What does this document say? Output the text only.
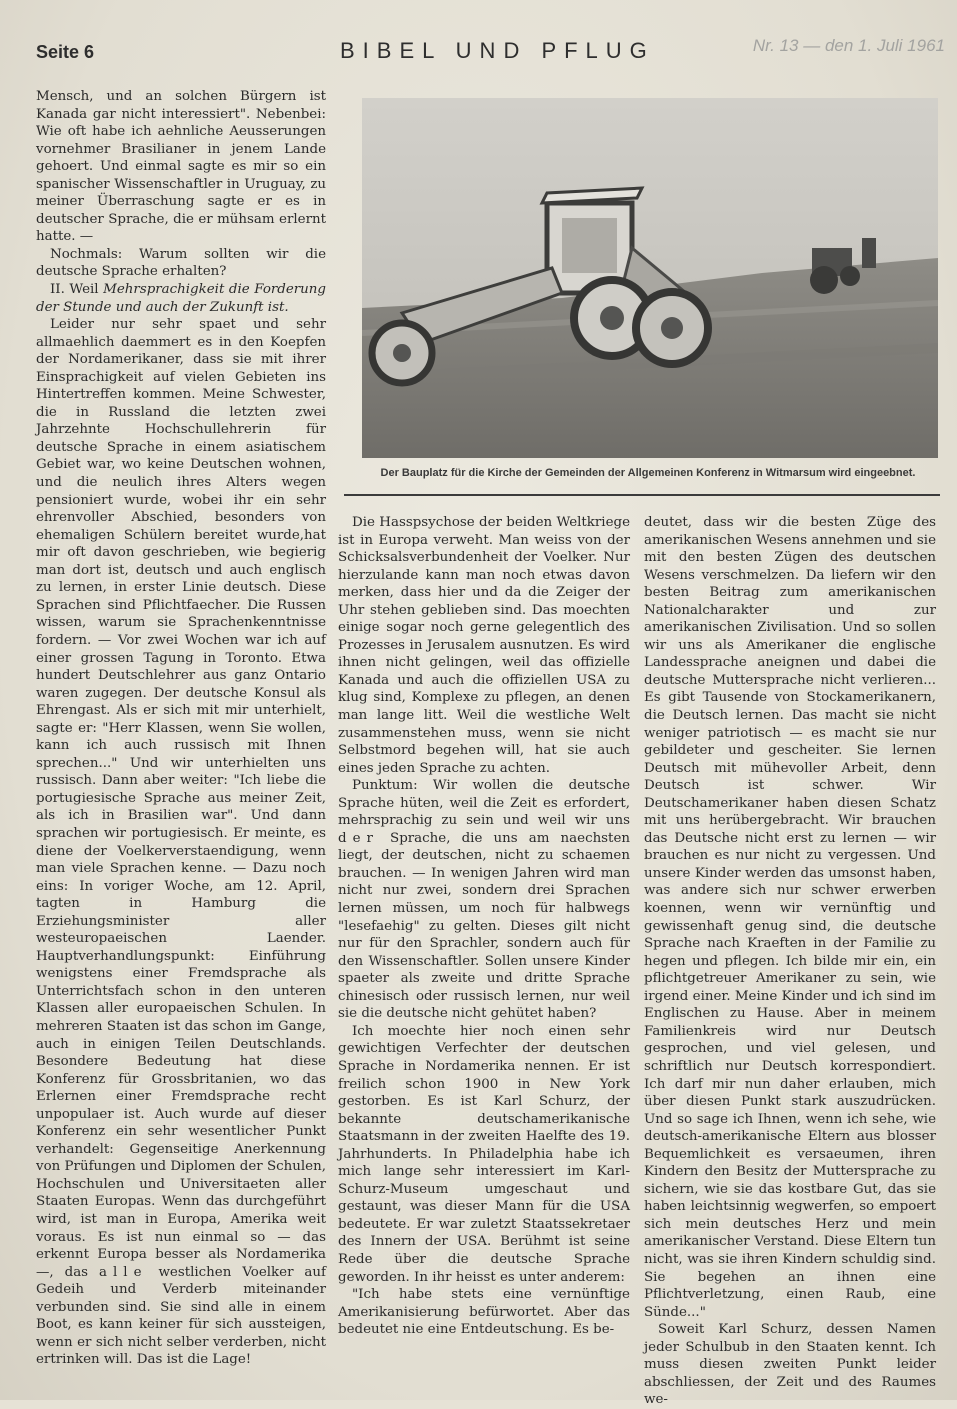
Seite 6	BIBEL UND PFLUG	Nr. 13 — den 1. Juli 1961

Mensch, und an solchen Bürgern ist Kanada gar nicht interessiert". Nebenbei: Wie oft habe ich aehnliche Aeusserungen vornehmer Brasilianer in jenem Lande gehoert. Und einmal sagte es mir so ein spanischer Wissenschaftler in Uruguay, zu meiner Überraschung sagte er es in deutscher Sprache, die er mühsam erlernt hatte. —

Nochmals: Warum sollten wir die deutsche Sprache erhalten?

II. Weil Mehrsprachigkeit die Forderung der Stunde und auch der Zukunft ist.

Leider nur sehr spaet und sehr allmaehlich daemmert es in den Koepfen der Nordamerikaner, dass sie mit ihrer Einsprachigkeit auf vielen Gebieten ins Hintertreffen kommen. Meine Schwester, die in Russland die letzten zwei Jahrzehnte Hochschullehrerin für deutsche Sprache in einem asiatischem Gebiet war, wo keine Deutschen wohnen, und die neulich ihres Alters wegen pensioniert wurde, wobei ihr ein sehr ehrenvoller Abschied, besonders von ehemaligen Schülern bereitet wurde,hat mir oft davon geschrieben, wie begierig man dort ist, deutsch und auch englisch zu lernen, in erster Linie deutsch. Diese Sprachen sind Pflichtfaecher. Die Russen wissen, warum sie Sprachenkenntnisse fordern. — Vor zwei Wochen war ich auf einer grossen Tagung in Toronto. Etwa hundert Deutschlehrer aus ganz Ontario waren zugegen. Der deutsche Konsul als Ehrengast. Als er sich mit mir unterhielt, sagte er: "Herr Klassen, wenn Sie wollen, kann ich auch russisch mit Ihnen sprechen..." Und wir unterhielten uns russisch. Dann aber weiter: "Ich liebe die portugiesische Sprache aus meiner Zeit, als ich in Brasilien war". Und dann sprachen wir portugiesisch. Er meinte, es diene der Voelkerverstaendigung, wenn man viele Sprachen kenne. — Dazu noch eins: In voriger Woche, am 12. April, tagten in Hamburg die Erziehungsminister aller westeuropaeischen Laender. Hauptverhandlungspunkt: Einführung wenigstens einer Fremdsprache als Unterrichtsfach schon in den unteren Klassen aller europaeischen Schulen. In mehreren Staaten ist das schon im Gange, auch in einigen Teilen Deutschlands. Besondere Bedeutung hat diese Konferenz für Grossbritanien, wo das Erlernen einer Fremdsprache recht unpopulaer ist. Auch wurde auf dieser Konferenz ein sehr wesentlicher Punkt verhandelt: Gegenseitige Anerkennung von Prüfungen und Diplomen der Schulen, Hochschulen und Universitaeten aller Staaten Europas. Wenn das durchgeführt wird, ist man in Europa, Amerika weit voraus. Es ist nun einmal so — das erkennt Europa besser als Nordamerika —, das alle westlichen Voelker auf Gedeih und Verderb miteinander verbunden sind. Sie sind alle in einem Boot, es kann keiner für sich aussteigen, wenn er sich nicht selber verderben, nicht ertrinken will. Das ist die Lage!

Der Bauplatz für die Kirche der Gemeinden der Allgemeinen Konferenz in Witmarsum wird eingeebnet.

Die Hasspsychose der beiden Weltkriege ist in Europa verweht. Man weiss von der Schicksalsverbundenheit der Voelker. Nur hierzulande kann man noch etwas davon merken, dass hier und da die Zeiger der Uhr stehen geblieben sind. Das moechten einige sogar noch gerne gelegentlich des Prozesses in Jerusalem ausnutzen. Es wird ihnen nicht gelingen, weil das offizielle Kanada und auch die offiziellen USA zu klug sind, Komplexe zu pflegen, an denen man lange litt. Weil die westliche Welt zusammenstehen muss, wenn sie nicht Selbstmord begehen will, hat sie auch eines jeden Sprache zu achten.

Punktum: Wir wollen die deutsche Sprache hüten, weil die Zeit es erfordert, mehrsprachig zu sein und weil wir uns der Sprache, die uns am naechsten liegt, der deutschen, nicht zu schaemen brauchen. — In wenigen Jahren wird man nicht nur zwei, sondern drei Sprachen lernen müssen, um noch für halbwegs "lesefaehig" zu gelten. Dieses gilt nicht nur für den Sprachler, sondern auch für den Wissenschaftler. Sollen unsere Kinder spaeter als zweite und dritte Sprache chinesisch oder russisch lernen, nur weil sie die deutsche nicht gehütet haben?

Ich moechte hier noch einen sehr gewichtigen Verfechter der deutschen Sprache in Nordamerika nennen. Er ist freilich schon 1900 in New York gestorben. Es ist Karl Schurz, der bekannte deutschamerikanische Staatsmann in der zweiten Haelfte des 19. Jahrhunderts. In Philadelphia habe ich mich lange sehr interessiert im Karl-Schurz-Museum umgeschaut und gestaunt, was dieser Mann für die USA bedeutete. Er war zuletzt Staatssekretaer des Innern der USA. Berühmt ist seine Rede über die deutsche Sprache geworden. In ihr heisst es unter anderem:

"Ich habe stets eine vernünftige Amerikanisierung befürwortet. Aber das bedeutet nie eine Entdeutschung. Es be-

deutet, dass wir die besten Züge des amerikanischen Wesens annehmen und sie mit den besten Zügen des deutschen Wesens verschmelzen. Da liefern wir den besten Beitrag zum amerikanischen Nationalcharakter und zur amerikanischen Zivilisation. Und so sollen wir uns als Amerikaner die englische Landessprache aneignen und dabei die deutsche Muttersprache nicht verlieren... Es gibt Tausende von Stockamerikanern, die Deutsch lernen. Das macht sie nicht weniger patriotisch — es macht sie nur gebildeter und gescheiter. Sie lernen Deutsch mit mühevoller Arbeit, denn Deutsch ist schwer. Wir Deutschamerikaner haben diesen Schatz mit uns herübergebracht. Wir brauchen das Deutsche nicht erst zu lernen — wir brauchen es nur nicht zu vergessen. Und unsere Kinder werden das umsonst haben, was andere sich nur schwer erwerben koennen, wenn wir vernünftig und gewissenhaft genug sind, die deutsche Sprache nach Kraeften in der Familie zu hegen und pflegen. Ich bilde mir ein, ein pflichtgetreuer Amerikaner zu sein, wie irgend einer. Meine Kinder und ich sind im Englischen zu Hause. Aber in meinem Familienkreis wird nur Deutsch gesprochen, und viel gelesen, und schriftlich nur Deutsch korrespondiert. Ich darf mir nun daher erlauben, mich über diesen Punkt stark auszudrücken. Und so sage ich Ihnen, wenn ich sehe, wie deutsch-amerikanische Eltern aus blosser Bequemlichkeit es versaeumen, ihren Kindern den Besitz der Muttersprache zu sichern, wie sie das kostbare Gut, das sie haben leichtsinnig wegwerfen, so empoert sich mein deutsches Herz und mein amerikanischer Verstand. Diese Eltern tun nicht, was sie ihren Kindern schuldig sind. Sie begehen an ihnen eine Pflichtverletzung, einen Raub, eine Sünde..."

Soweit Karl Schurz, dessen Namen jeder Schulbub in den Staaten kennt. Ich muss diesen zweiten Punkt leider abschliessen, der Zeit und des Raumes we-
